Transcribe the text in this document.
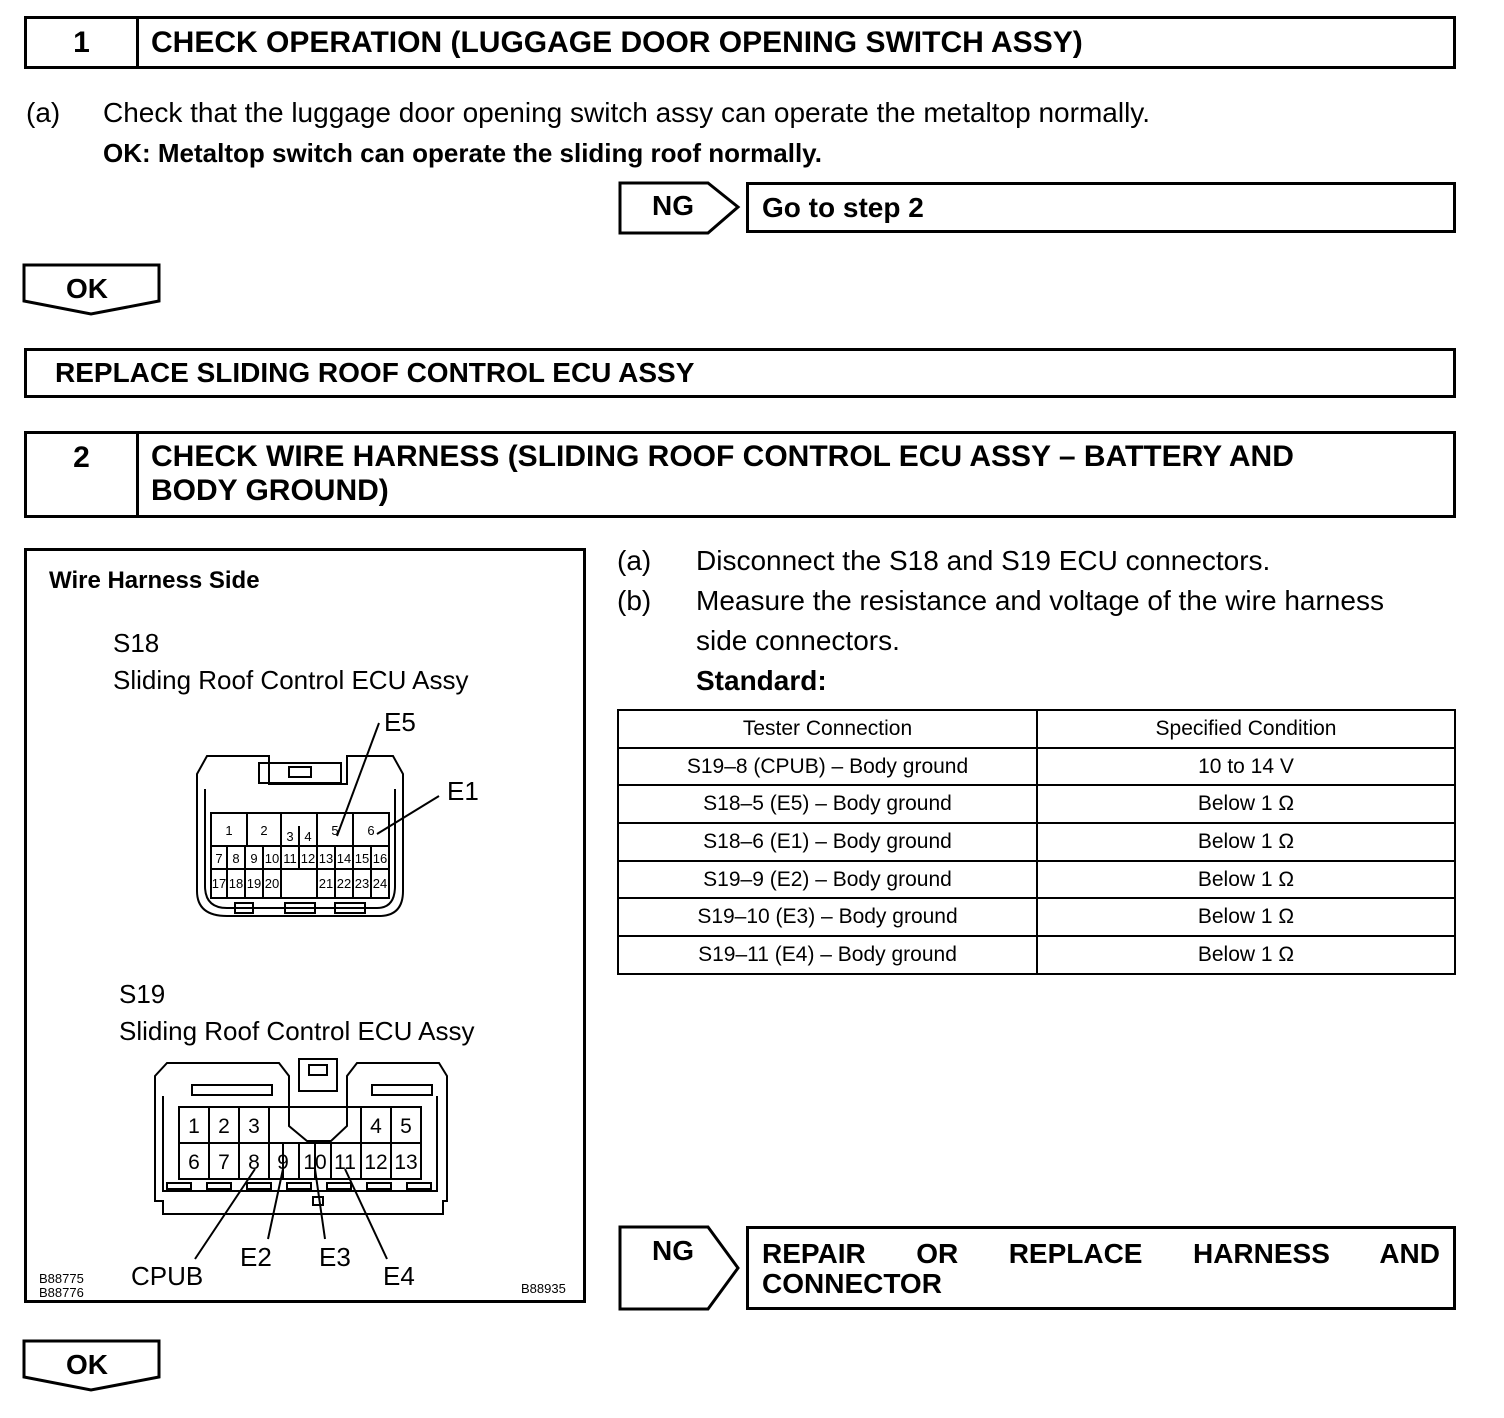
1	CHECK OPERATION (LUGGAGE DOOR OPENING SWITCH ASSY)
(a) Check that the luggage door opening switch assy can operate the metaltop normally.
OK: Metaltop switch can operate the sliding roof normally.
NG	Go to step 2
OK
REPLACE SLIDING ROOF CONTROL ECU ASSY
2	CHECK WIRE HARNESS (SLIDING ROOF CONTROL ECU ASSY – BATTERY AND
BODY GROUND)
(a) Disconnect the S18 and S19 ECU connectors.
(b) Measure the resistance and voltage of the wire harness
side connectors.
Standard:
Tester Connection	Specified Condition
S19–8 (CPUB) – Body ground	10 to 14 V
S18–5 (E5) – Body ground	Below 1 Ω
S18–6 (E1) – Body ground	Below 1 Ω
S19–9 (E2) – Body ground	Below 1 Ω
S19–10 (E3) – Body ground	Below 1 Ω
S19–11 (E4) – Body ground	Below 1 Ω
Wire Harness Side
S18
Sliding Roof Control ECU Assy
E5
E1
1 2 3 4 5 6
7 8 9 10 11 12 13 14 15 16
17 18 19 20	21 22 23 24
S19
Sliding Roof Control ECU Assy
1 2 3	4 5
6 7 8 9 10 11 12 13
CPUB
E2 E3
E4
B88775
B88776	B88935
NG REPAIR OR REPLACE HARNESS AND
CONNECTOR
OK
